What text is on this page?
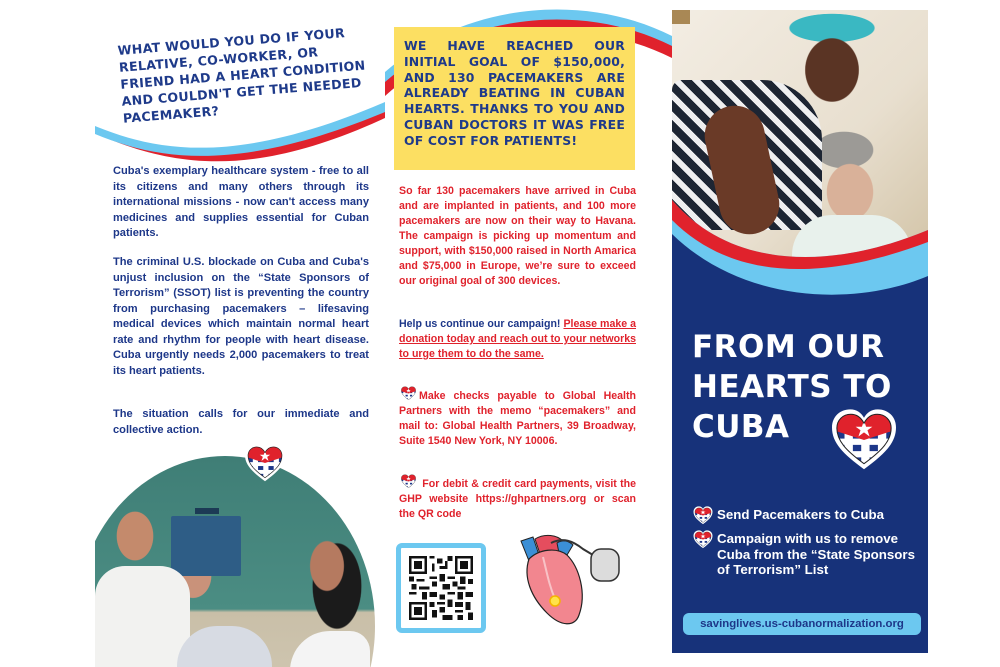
WHAT WOULD YOU DO IF YOUR RELATIVE, CO-WORKER, OR FRIEND HAD A HEART CONDITION AND COULDN'T GET THE NEEDED PACEMAKER?

Cuba's exemplary healthcare system - free to all its citizens and many others through its international missions - now can't access many medicines and supplies essential for Cuban patients.

The criminal U.S. blockade on Cuba and Cuba's unjust inclusion on the “State Sponsors of Terrorism” (SSOT) list is preventing the country from purchasing pacemakers – lifesaving medical devices which maintain normal heart rate and rhythm for people with heart disease. Cuba urgently needs 2,000 pacemakers to treat its heart patients.

The situation calls for our immediate and collective action.

WE HAVE REACHED OUR INITIAL GOAL OF $150,000, AND 130 PACEMAKERS ARE ALREADY BEATING IN CUBAN HEARTS. THANKS TO YOU AND CUBAN DOCTORS IT WAS FREE OF COST FOR PATIENTS!

So far 130 pacemakers have arrived in Cuba and are implanted in patients, and 100 more pacemakers are now on their way to Havana. The campaign is picking up momentum and support, with $150,000 raised in North Amarica and $75,000 in Europe, we’re sure to exceed our original goal of 300 devices.

Help us continue our campaign! Please make a donation today and reach out to your networks to urge them to do the same.

Make checks payable to Global Health Partners with the memo “pacemakers” and mail to: Global Health Partners, 39 Broadway, Suite 1540 New York, NY 10006.

For debit & credit card payments, visit the GHP website https://ghpartners.org or scan the QR code

FROM OUR
HEARTS TO
CUBA
Send Pacemakers to Cuba
Campaign with us to remove Cuba from the “State Sponsors of Terrorism” List
savinglives.us-cubanormalization.org
